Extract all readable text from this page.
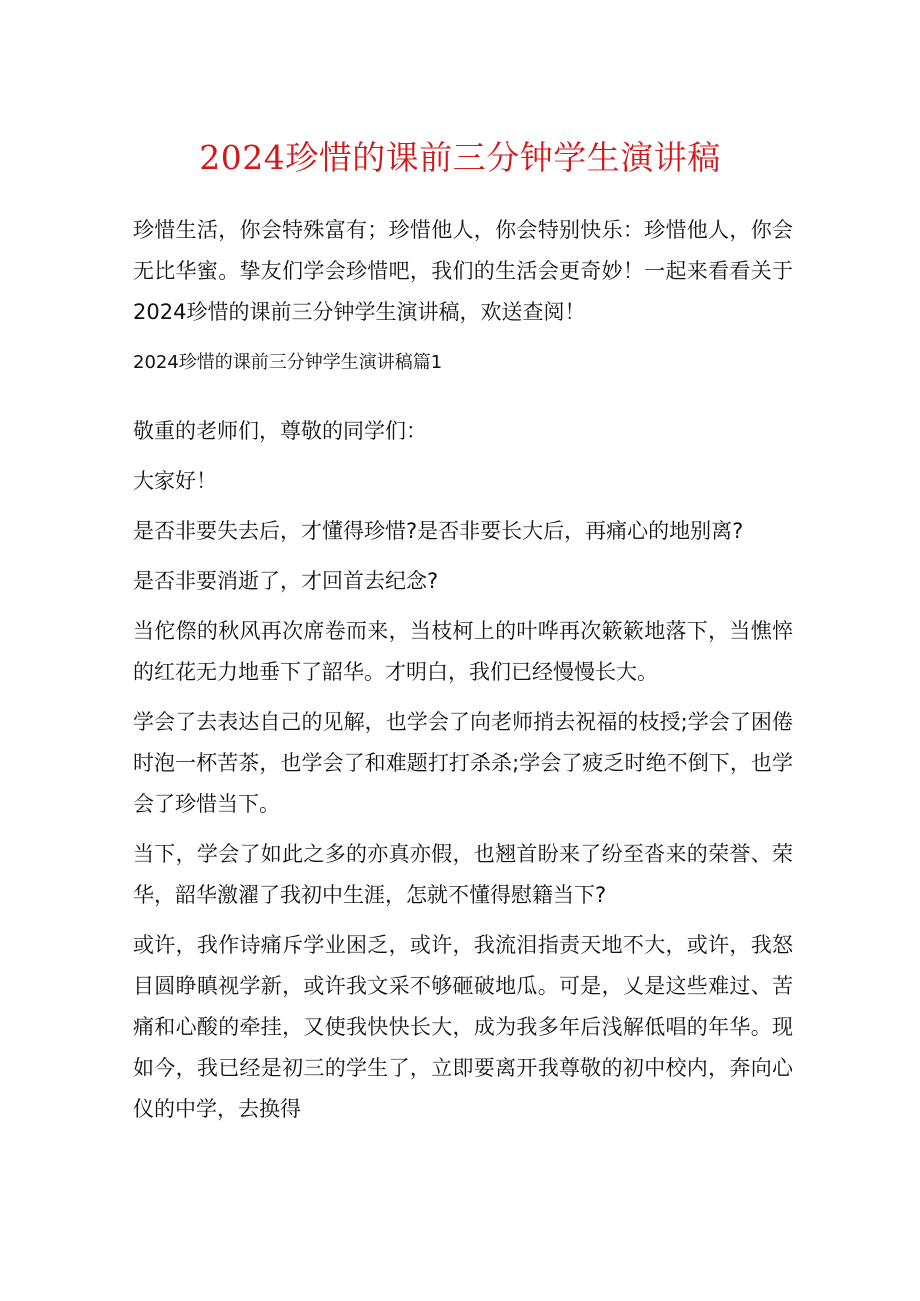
2024珍惜的课前三分钟学生演讲稿

珍惜生活，你会特殊富有；珍惜他人，你会特别快乐：珍惜他人，你会无比华蜜。挚友们学会珍惜吧，我们的生活会更奇妙！一起来看看关于2024珍惜的课前三分钟学生演讲稿，欢送查阅！

2024珍惜的课前三分钟学生演讲稿篇1

敬重的老师们，尊敬的同学们：

大家好！

是否非要失去后，才懂得珍惜?是否非要长大后，再痛心的地别离?

是否非要消逝了，才回首去纪念?

当佗傺的秋风再次席卷而来，当枝柯上的叶哗再次簌簌地落下，当憔悴的红花无力地垂下了韶华。才明白，我们已经慢慢长大。

学会了去表达自己的见解，也学会了向老师捎去祝福的枝授;学会了困倦时泡一杯苦茶，也学会了和难题打打杀杀;学会了疲乏时绝不倒下，也学会了珍惜当下。

当下，学会了如此之多的亦真亦假，也翘首盼来了纷至沓来的荣誉、荣华，韶华激濯了我初中生涯，怎就不懂得慰籍当下?

或许，我作诗痛斥学业困乏，或许，我流泪指责天地不大，或许，我怒目圆睁瞋视学新，或许我文采不够砸破地瓜。可是，乂是这些难过、苦痛和心酸的牵挂，又使我快快长大，成为我多年后浅解低唱的年华。现如今，我已经是初三的学生了，立即要离开我尊敬的初中校内，奔向心仪的中学，去换得
